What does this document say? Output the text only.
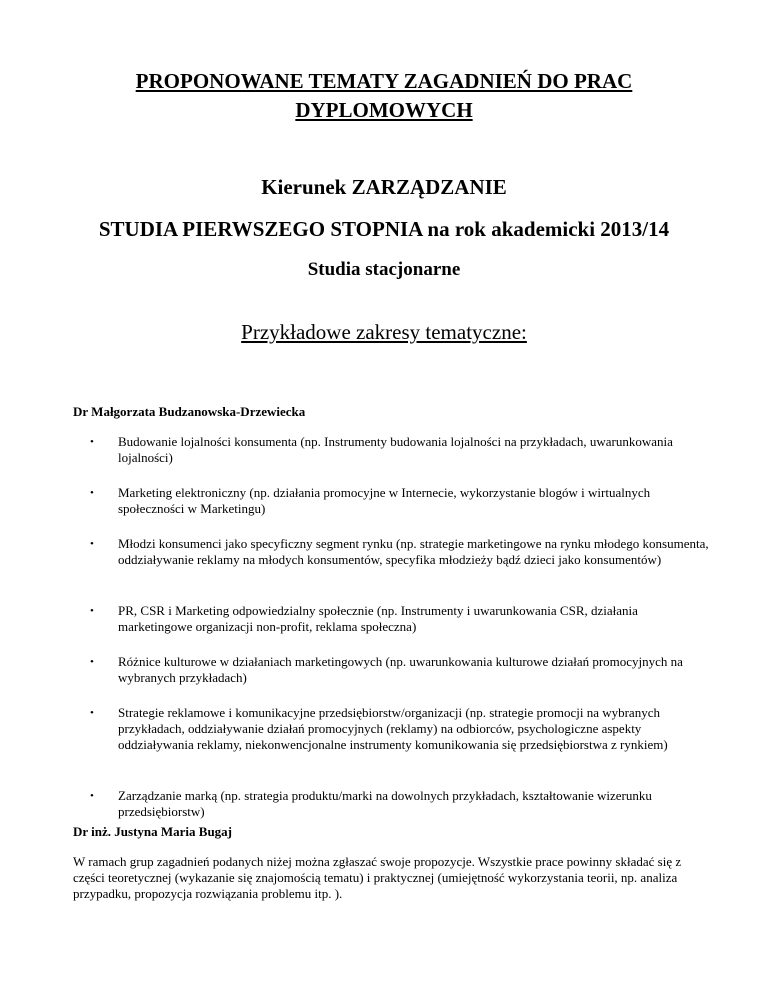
PROPONOWANE TEMATY ZAGADNIEŃ DO PRAC
DYPLOMOWYCH
Kierunek ZARZĄDZANIE
STUDIA PIERWSZEGO STOPNIA na rok akademicki 2013/14
Studia stacjonarne
Przykładowe zakresy tematyczne:
Dr Małgorzata Budzanowska-Drzewiecka
• Budowanie lojalności konsumenta (np. Instrumenty budowania lojalności na przykładach, uwarunkowania lojalności)
• Marketing elektroniczny (np. działania promocyjne w Internecie, wykorzystanie blogów i wirtualnych społeczności w Marketingu)
• Młodzi konsumenci jako specyficzny segment rynku (np. strategie marketingowe na rynku młodego konsumenta, oddziaływanie reklamy na młodych konsumentów, specyfika młodzieży bądź dzieci jako konsumentów)
• PR, CSR i Marketing odpowiedzialny społecznie (np. Instrumenty i uwarunkowania CSR, działania marketingowe organizacji non-profit, reklama społeczna)
• Różnice kulturowe w działaniach marketingowych (np. uwarunkowania kulturowe działań promocyjnych na wybranych przykładach)
• Strategie reklamowe i komunikacyjne przedsiębiorstw/organizacji (np. strategie promocji na wybranych przykładach, oddziaływanie działań promocyjnych (reklamy) na odbiorców, psychologiczne aspekty oddziaływania reklamy, niekonwencjonalne instrumenty komunikowania się przedsiębiorstwa z rynkiem)
• Zarządzanie marką (np. strategia produktu/marki na dowolnych przykładach, kształtowanie wizerunku przedsiębiorstw)
Dr inż. Justyna Maria Bugaj
W ramach grup zagadnień podanych niżej można zgłaszać swoje propozycje. Wszystkie prace powinny składać się z części teoretycznej (wykazanie się znajomością tematu) i praktycznej (umiejętność wykorzystania teorii, np. analiza przypadku, propozycja rozwiązania problemu itp. ).
